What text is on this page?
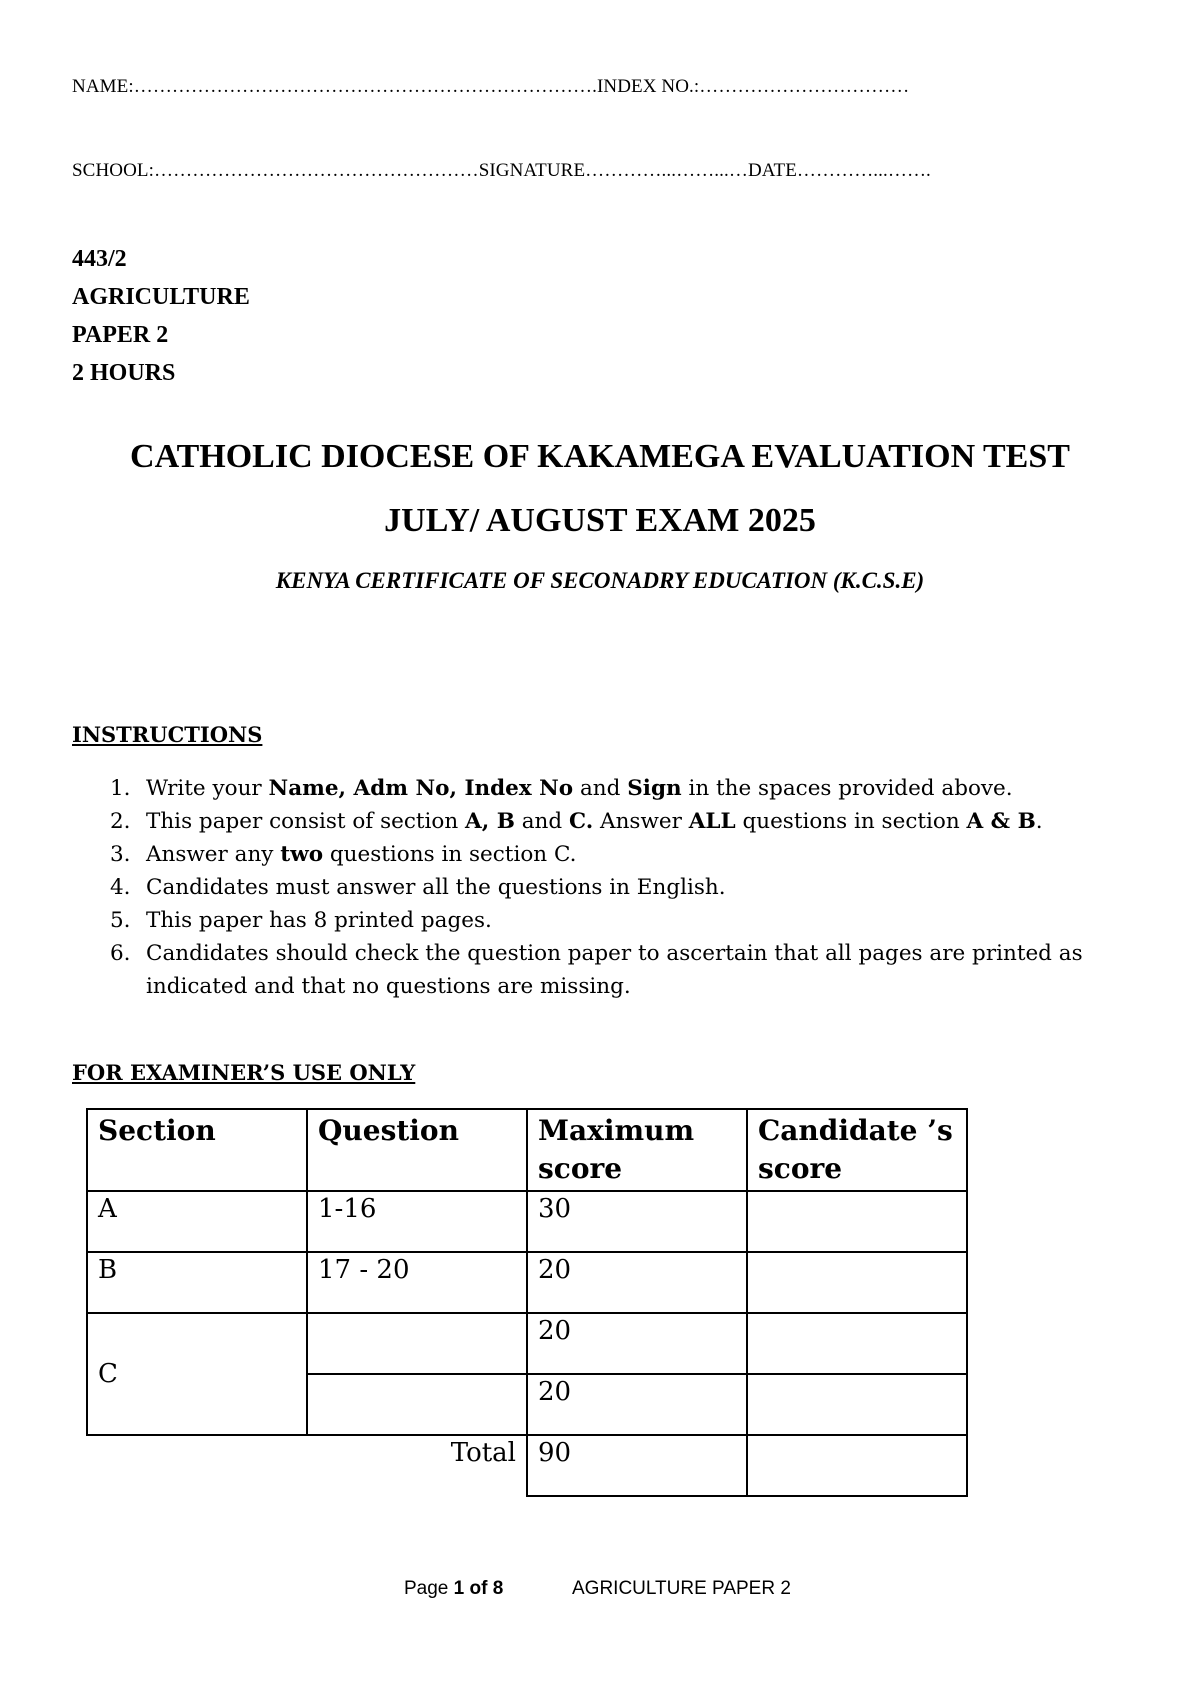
NAME:……………………………………………………………….INDEX NO.:……………………………
SCHOOL:……………………………………………SIGNATURE…………...……...…DATE…………...…….
443/2
AGRICULTURE
PAPER 2
2 HOURS
CATHOLIC DIOCESE OF KAKAMEGA EVALUATION TEST
JULY/ AUGUST EXAM 2025
KENYA CERTIFICATE OF SECONADRY EDUCATION (K.C.S.E)
INSTRUCTIONS
1. Write your Name, Adm No, Index No and Sign in the spaces provided above.
2. This paper consist of section A, B and C. Answer ALL questions in section A & B.
3. Answer any two questions in section C.
4. Candidates must answer all the questions in English.
5. This paper has 8 printed pages.
6. Candidates should check the question paper to ascertain that all pages are printed as indicated and that no questions are missing.
FOR EXAMINER’S USE ONLY
Section	Question	Maximum score	Candidate ’s score
A	1-16	30	
B	17 - 20	20	
C		20	
		20	
	Total	90	
Page 1 of 8	AGRICULTURE PAPER 2
